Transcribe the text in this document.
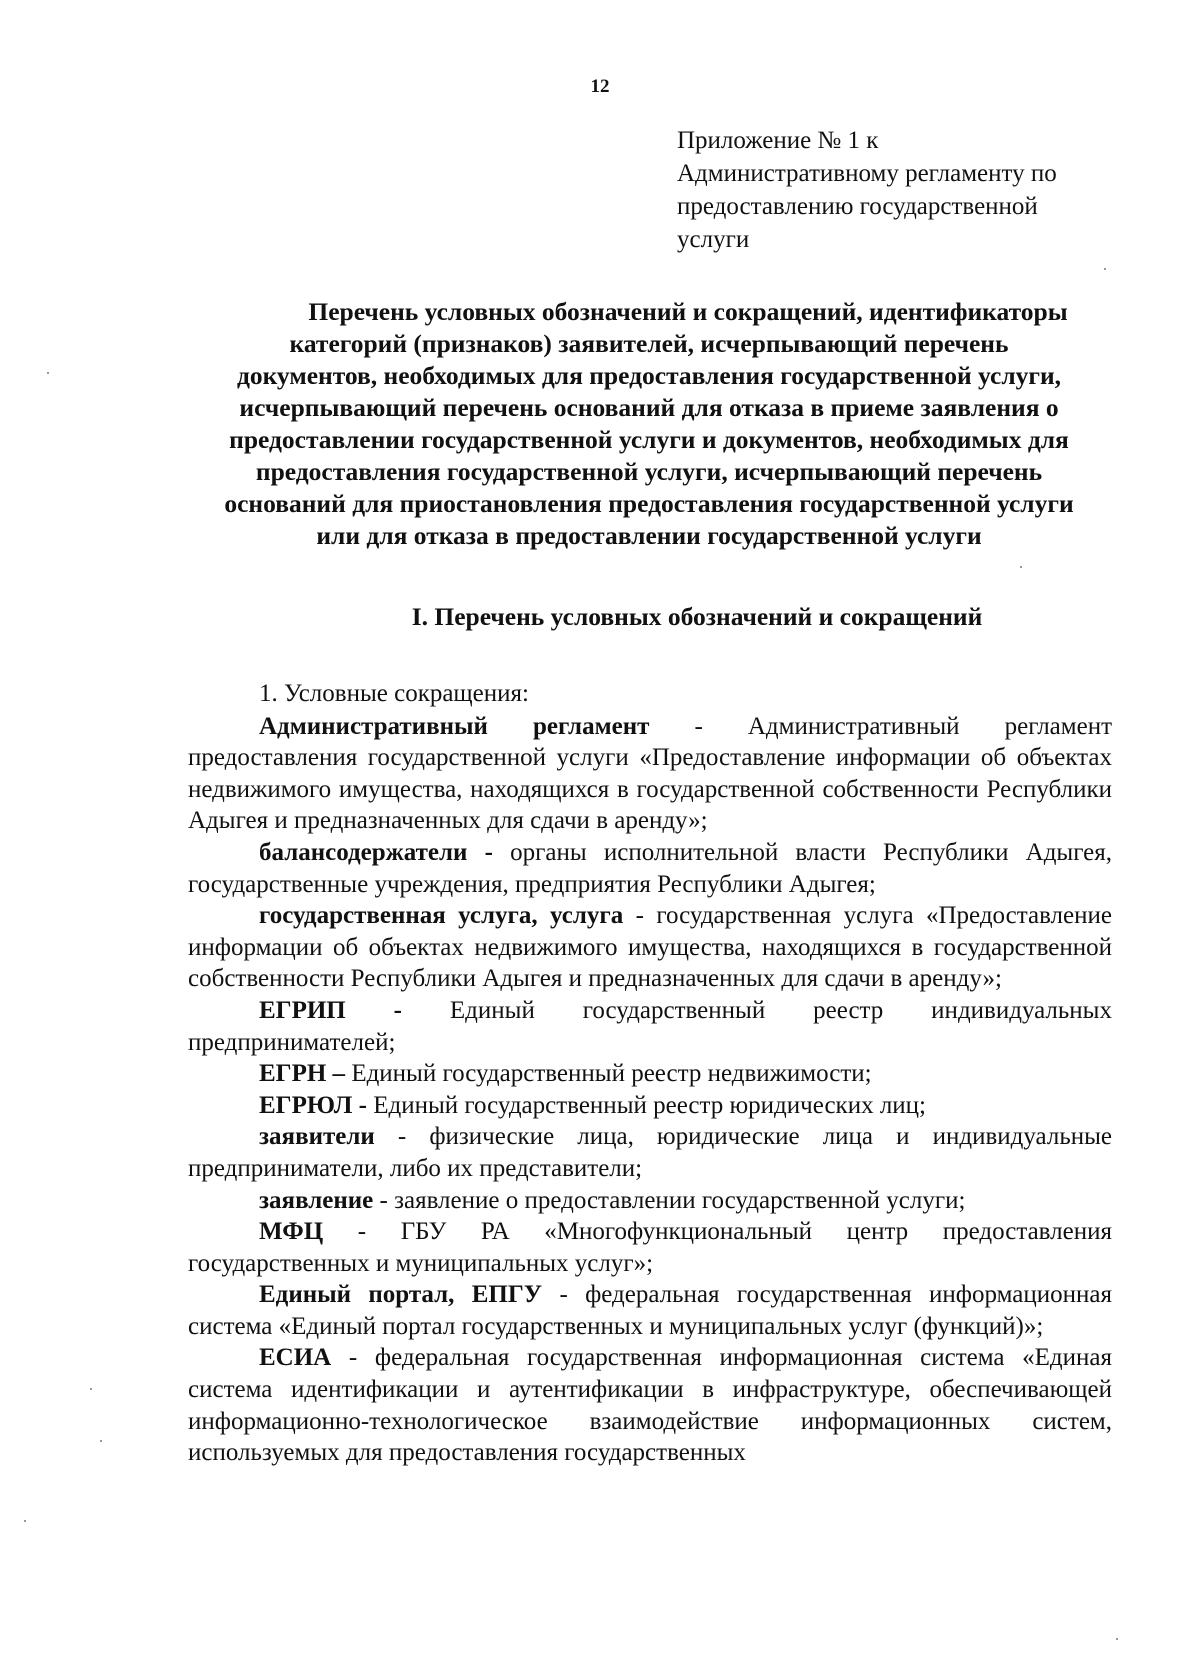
12
Приложение № 1 к
Административному регламенту по
предоставлению государственной
услуги
Перечень условных обозначений и сокращений, идентификаторы
категорий (признаков) заявителей, исчерпывающий перечень
документов, необходимых для предоставления государственной услуги,
исчерпывающий перечень оснований для отказа в приеме заявления о
предоставлении государственной услуги и документов, необходимых для
предоставления государственной услуги, исчерпывающий перечень
оснований для приостановления предоставления государственной услуги
или для отказа в предоставлении государственной услуги
I. Перечень условных обозначений и сокращений

1. Условные сокращения:

Административный регламент - Административный регламент предоставления государственной услуги «Предоставление информации об объектах недвижимого имущества, находящихся в государственной собственности Республики Адыгея и предназначенных для сдачи в аренду»;

балансодержатели - органы исполнительной власти Республики Адыгея, государственные учреждения, предприятия Республики Адыгея;

государственная услуга, услуга - государственная услуга «Предоставление информации об объектах недвижимого имущества, находящихся в государственной собственности Республики Адыгея и предназначенных для сдачи в аренду»;

ЕГРИП - Единый государственный реестр индивидуальных предпринимателей;

ЕГРН – Единый государственный реестр недвижимости;

ЕГРЮЛ - Единый государственный реестр юридических лиц;

заявители - физические лица, юридические лица и индивидуальные предприниматели, либо их представители;

заявление - заявление о предоставлении государственной услуги;

МФЦ - ГБУ РА «Многофункциональный центр предоставления государственных и муниципальных услуг»;

Единый портал, ЕПГУ - федеральная государственная информационная система «Единый портал государственных и муниципальных услуг (функций)»;

ЕСИА - федеральная государственная информационная система «Единая система идентификации и аутентификации в инфраструктуре, обеспечивающей информационно-технологическое взаимодействие информационных систем, используемых для предоставления государственных
